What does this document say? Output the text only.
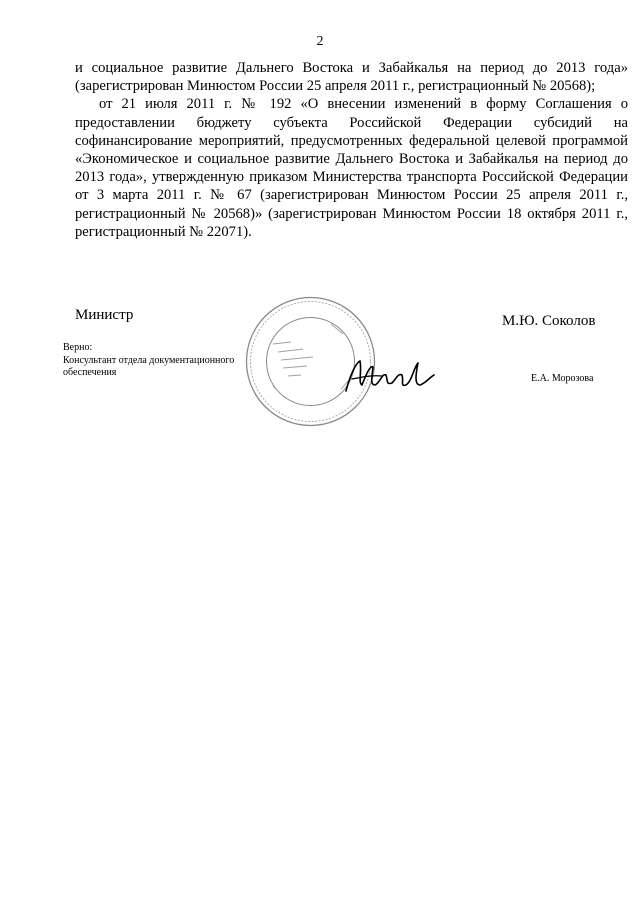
2

и социальное развитие Дальнего Востока и Забайкалья на период до 2013 года» (зарегистрирован Минюстом России 25 апреля 2011 г., регистрационный № 20568);

от 21 июля 2011 г. № 192 «О внесении изменений в форму Соглашения о предоставлении бюджету субъекта Российской Федерации субсидий на софинансирование мероприятий, предусмотренных федеральной целевой программой «Экономическое и социальное развитие Дальнего Востока и Забайкалья на период до 2013 года», утвержденную приказом Министерства транспорта Российской Федерации от 3 марта 2011 г. № 67 (зарегистрирован Минюстом России 25 апреля 2011 г., регистрационный № 20568)» (зарегистрирован Минюстом России 18 октября 2011 г., регистрационный № 22071).

Министр	М.Ю. Соколов
Верно:
Консультант отдела документационного
обеспечения
Е.А. Морозова
